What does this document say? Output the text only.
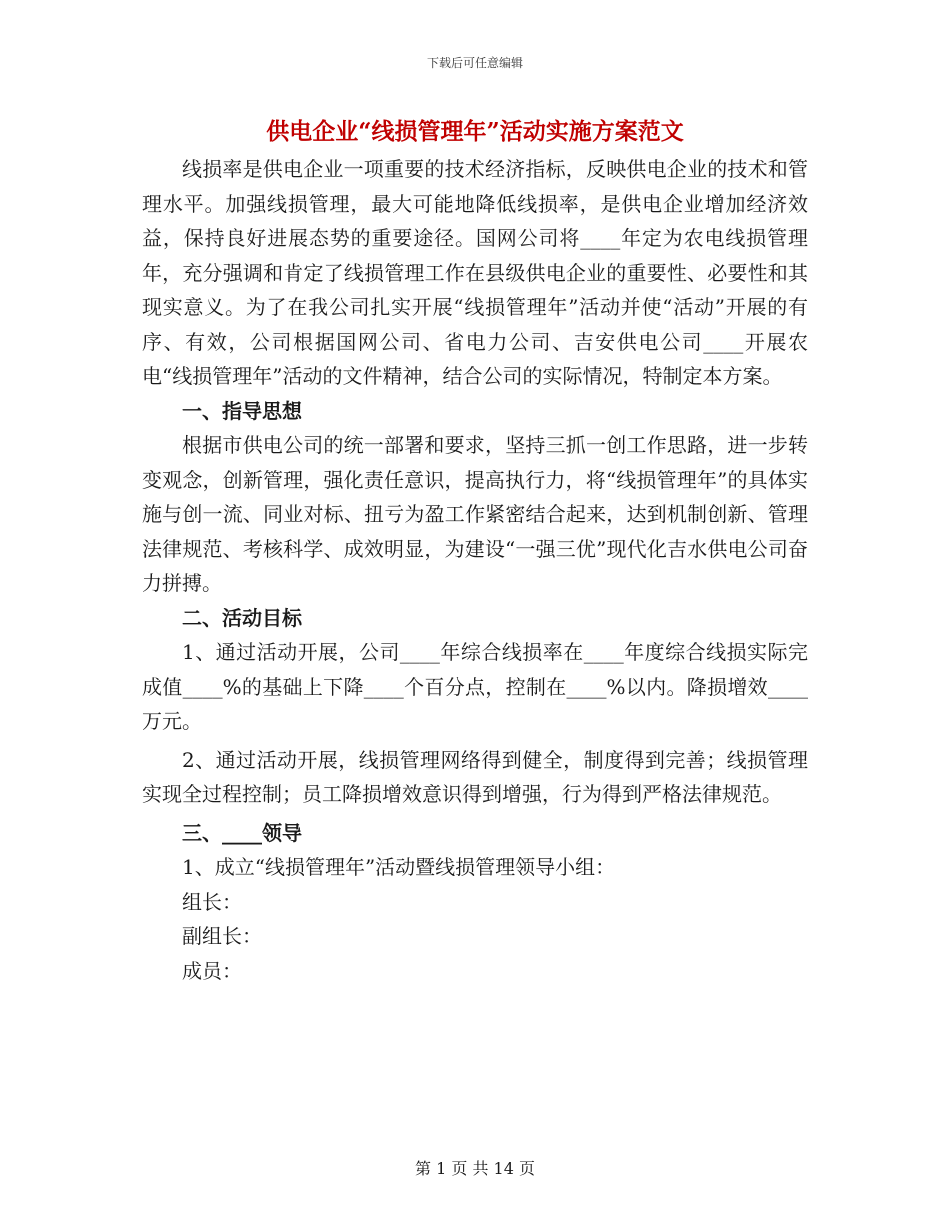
下载后可任意编辑
供电企业“线损管理年”活动实施方案范文

线损率是供电企业一项重要的技术经济指标，反映供电企业的技术和管理水平。加强线损管理，最大可能地降低线损率，是供电企业增加经济效益，保持良好进展态势的重要途径。国网公司将____年定为农电线损管理年，充分强调和肯定了线损管理工作在县级供电企业的重要性、必要性和其现实意义。为了在我公司扎实开展“线损管理年”活动并使“活动”开展的有序、有效，公司根据国网公司、省电力公司、吉安供电公司____开展农电“线损管理年”活动的文件精神，结合公司的实际情况，特制定本方案。

一、指导思想

根据市供电公司的统一部署和要求，坚持三抓一创工作思路，进一步转变观念，创新管理，强化责任意识，提高执行力，将“线损管理年”的具体实施与创一流、同业对标、扭亏为盈工作紧密结合起来，达到机制创新、管理法律规范、考核科学、成效明显，为建设“一强三优”现代化吉水供电公司奋力拼搏。

二、活动目标

1、通过活动开展，公司____年综合线损率在____年度综合线损实际完成值____%的基础上下降____个百分点，控制在____%以内。降损增效____万元。

2、通过活动开展，线损管理网络得到健全，制度得到完善；线损管理实现全过程控制；员工降损增效意识得到增强，行为得到严格法律规范。

三、____领导

1、成立“线损管理年”活动暨线损管理领导小组：

组长：

副组长：

成员：

第 1 页 共 14 页
